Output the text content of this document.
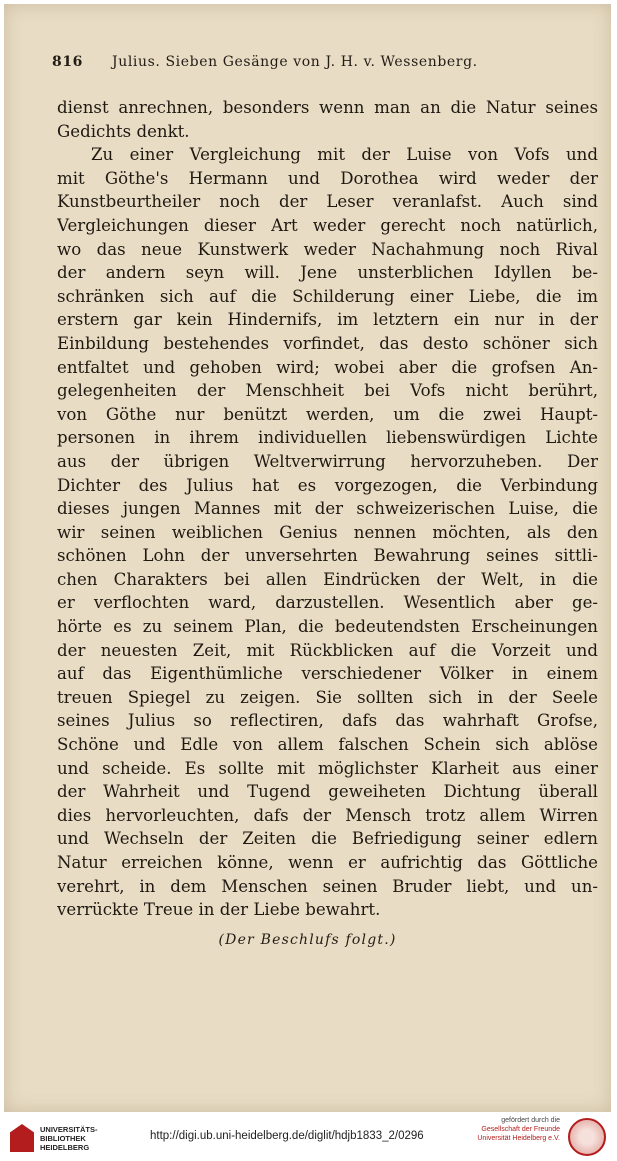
816 Julius. Sieben Gesänge von J. H. v. Wessenberg.
dienst anrechnen, besonders wenn man an die Natur seines
Gedichts denkt.
Zu einer Vergleichung mit der Luise von Vofs und
mit Göthe's Hermann und Dorothea wird weder der
Kunstbeurtheiler noch der Leser veranlafst. Auch sind
Vergleichungen dieser Art weder gerecht noch natürlich,
wo das neue Kunstwerk weder Nachahmung noch Rival
der andern seyn will. Jene unsterblichen Idyllen be-
schränken sich auf die Schilderung einer Liebe, die im
erstern gar kein Hindernifs, im letztern ein nur in der
Einbildung bestehendes vorfindet, das desto schöner sich
entfaltet und gehoben wird; wobei aber die grofsen An-
gelegenheiten der Menschheit bei Vofs nicht berührt,
von Göthe nur benützt werden, um die zwei Haupt-
personen in ihrem individuellen liebenswürdigen Lichte
aus der übrigen Weltverwirrung hervorzuheben. Der
Dichter des Julius hat es vorgezogen, die Verbindung
dieses jungen Mannes mit der schweizerischen Luise, die
wir seinen weiblichen Genius nennen möchten, als den
schönen Lohn der unversehrten Bewahrung seines sittli-
chen Charakters bei allen Eindrücken der Welt, in die
er verflochten ward, darzustellen. Wesentlich aber ge-
hörte es zu seinem Plan, die bedeutendsten Erscheinungen
der neuesten Zeit, mit Rückblicken auf die Vorzeit und
auf das Eigenthümliche verschiedener Völker in einem
treuen Spiegel zu zeigen. Sie sollten sich in der Seele
seines Julius so reflectiren, dafs das wahrhaft Grofse,
Schöne und Edle von allem falschen Schein sich ablöse
und scheide. Es sollte mit möglichster Klarheit aus einer
der Wahrheit und Tugend geweiheten Dichtung überall
dies hervorleuchten, dafs der Mensch trotz allem Wirren
und Wechseln der Zeiten die Befriedigung seiner edlern
Natur erreichen könne, wenn er aufrichtig das Göttliche
verehrt, in dem Menschen seinen Bruder liebt, und un-
verrückte Treue in der Liebe bewahrt.
(Der Beschlufs folgt.)
UNIVERSITÄTS-
BIBLIOTHEK
HEIDELBERG
http://digi.ub.uni-heidelberg.de/diglit/hdjb1833_2/0296
gefördert durch die
Gesellschaft der Freunde
Universität Heidelberg e.V.
